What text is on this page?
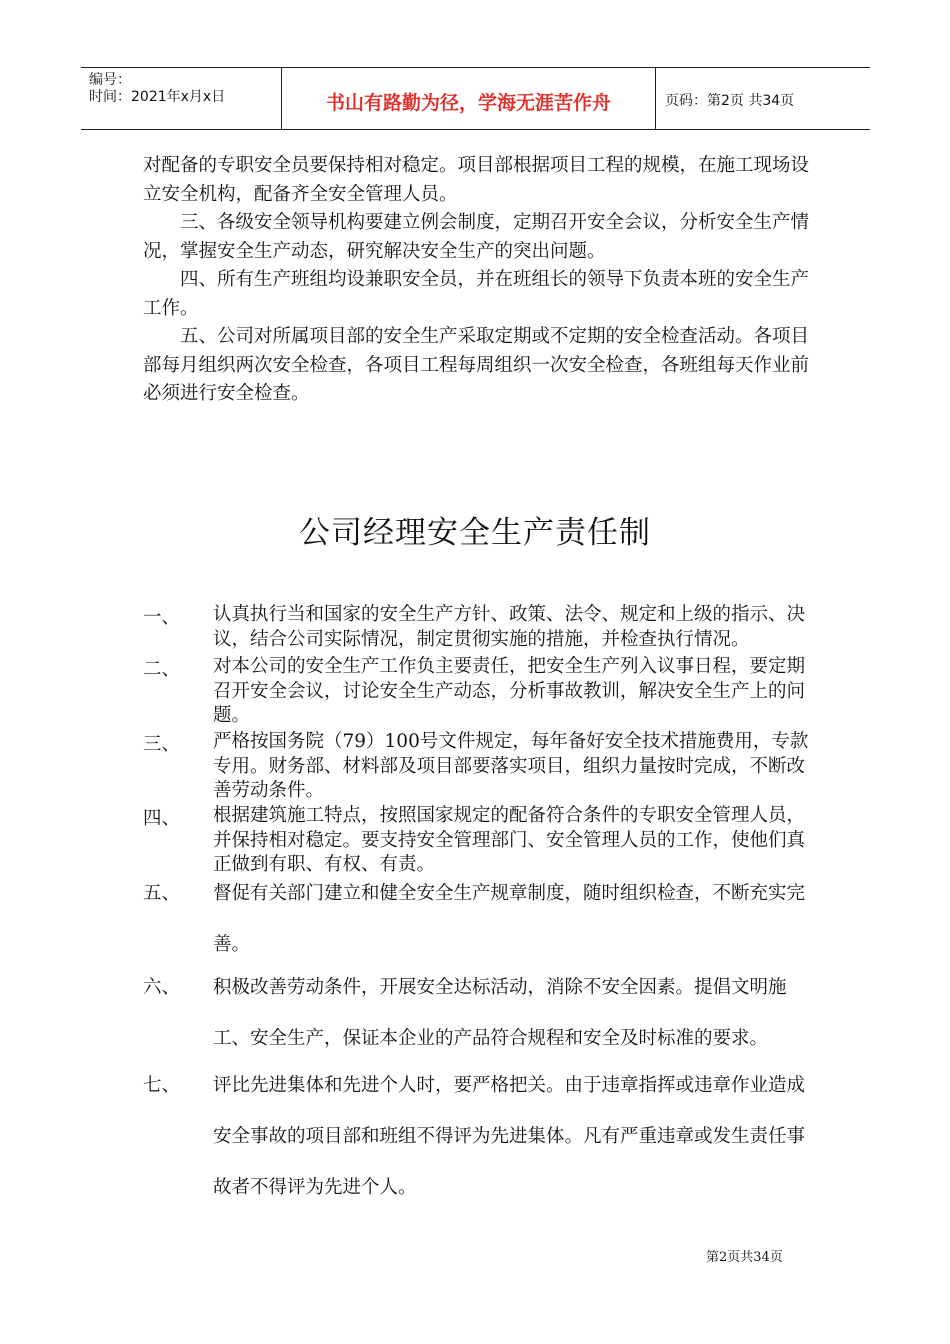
编号：
时间：2021年x月x日	书山有路勤为径，学海无涯苦作舟	页码：第2页 共34页

对配备的专职安全员要保持相对稳定。项目部根据项目工程的规模，在施工现场设立安全机构，配备齐全安全管理人员。

三、各级安全领导机构要建立例会制度，定期召开安全会议，分析安全生产情况，掌握安全生产动态，研究解决安全生产的突出问题。

四、所有生产班组均设兼职安全员，并在班组长的领导下负责本班的安全生产工作。

五、公司对所属项目部的安全生产采取定期或不定期的安全检查活动。各项目部每月组织两次安全检查，各项目工程每周组织一次安全检查，各班组每天作业前必须进行安全检查。

公司经理安全生产责任制
一、	认真执行当和国家的安全生产方针、政策、法令、规定和上级的指示、决议，结合公司实际情况，制定贯彻实施的措施，并检查执行情况。
二、	对本公司的安全生产工作负主要责任，把安全生产列入议事日程，要定期召开安全会议，讨论安全生产动态，分析事故教训，解决安全生产上的问题。
三、	严格按国务院（79）100号文件规定，每年备好安全技术措施费用，专款专用。财务部、材料部及项目部要落实项目，组织力量按时完成，不断改善劳动条件。
四、	根据建筑施工特点，按照国家规定的配备符合条件的专职安全管理人员，并保持相对稳定。要支持安全管理部门、安全管理人员的工作，使他们真正做到有职、有权、有责。
五、	督促有关部门建立和健全安全生产规章制度，随时组织检查，不断充实完善。
六、	积极改善劳动条件，开展安全达标活动，消除不安全因素。提倡文明施工、安全生产，保证本企业的产品符合规程和安全及时标准的要求。
七、	评比先进集体和先进个人时，要严格把关。由于违章指挥或违章作业造成安全事故的项目部和班组不得评为先进集体。凡有严重违章或发生责任事故者不得评为先进个人。
第2页共34页
